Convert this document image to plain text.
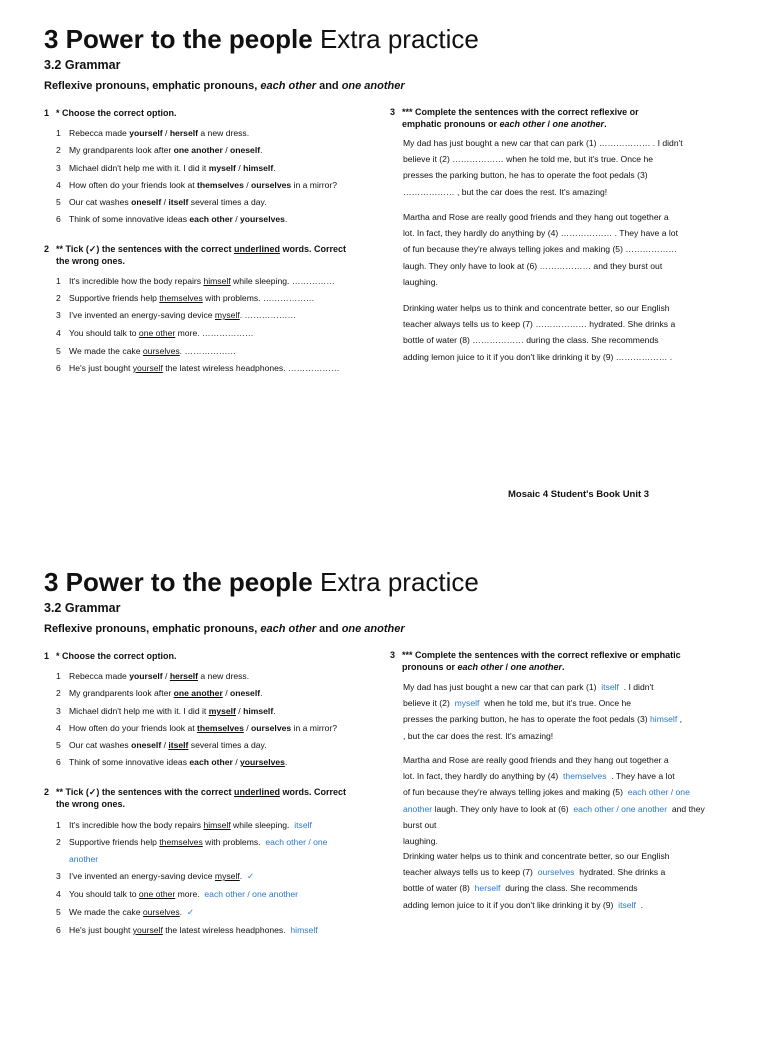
3 Power to the people Extra practice
3.2 Grammar
Reflexive pronouns, emphatic pronouns, each other and one another
1 * Choose the correct option.
1 Rebecca made yourself / herself a new dress.
2 My grandparents look after one another / oneself.
3 Michael didn't help me with it. I did it myself / himself.
4 How often do your friends look at themselves / ourselves in a mirror?
5 Our cat washes oneself / itself several times a day.
6 Think of some innovative ideas each other / yourselves.
2 ** Tick (✓) the sentences with the correct underlined words. Correct
the wrong ones.
1 It's incredible how the body repairs himself while sleeping. ……………
2 Supportive friends help themselves with problems. ………………
3 I've invented an energy-saving device myself. ………………
4 You should talk to one other more. ………………
5 We made the cake ourselves. ………………
6 He's just bought yourself the latest wireless headphones. ………………
3 *** Complete the sentences with the correct reflexive or
emphatic pronouns or each other / one another.

My dad has just bought a new car that can park (1) ……………… . I didn't

believe it (2) ……………… when he told me, but it's true. Once he

presses the parking button, he has to operate the foot pedals (3)

……………… , but the car does the rest. It's amazing!

Martha and Rose are really good friends and they hang out together a

lot. In fact, they hardly do anything by (4) ……………… . They have a lot

of fun because they're always telling jokes and making (5) ………………

laugh. They only have to look at (6) ……………… and they burst out

laughing.

Drinking water helps us to think and concentrate better, so our English

teacher always tells us to keep (7) ……………… hydrated. She drinks a

bottle of water (8) ……………… during the class. She recommends

adding lemon juice to it if you don't like drinking it by (9) ……………… .

Mosaic 4 Student's Book Unit 3
3 Power to the people Extra practice
3.2 Grammar
Reflexive pronouns, emphatic pronouns, each other and one another
1 * Choose the correct option.
1 Rebecca made yourself / herself a new dress.
2 My grandparents look after one another / oneself.
3 Michael didn't help me with it. I did it myself / himself.
4 How often do your friends look at themselves / ourselves in a mirror?
5 Our cat washes oneself / itself several times a day.
6 Think of some innovative ideas each other / yourselves.
2 ** Tick (✓) the sentences with the correct underlined words. Correct
the wrong ones.
1 It's incredible how the body repairs himself while sleeping. itself
2 Supportive friends help themselves with problems. each other / one
another
3 I've invented an energy-saving device myself. ✓
4 You should talk to one other more. each other / one another
5 We made the cake ourselves. ✓
6 He's just bought yourself the latest wireless headphones. himself
3 *** Complete the sentences with the correct reflexive or emphatic
pronouns or each other / one another.

My dad has just bought a new car that can park (1)  itself  . I didn't

believe it (2)  myself  when he told me, but it's true. Once he

presses the parking button, he has to operate the foot pedals (3) himself ,

, but the car does the rest. It's amazing!

Martha and Rose are really good friends and they hang out together a

lot. In fact, they hardly do anything by (4)  themselves  . They have a lot

of fun because they're always telling jokes and making (5)  each other / one

another laugh. They only have to look at (6)  each other / one another  and they burst out

laughing.

Drinking water helps us to think and concentrate better, so our English

teacher always tells us to keep (7)  ourselves  hydrated. She drinks a

bottle of water (8)  herself  during the class. She recommends

adding lemon juice to it if you don't like drinking it by (9)  itself  .
